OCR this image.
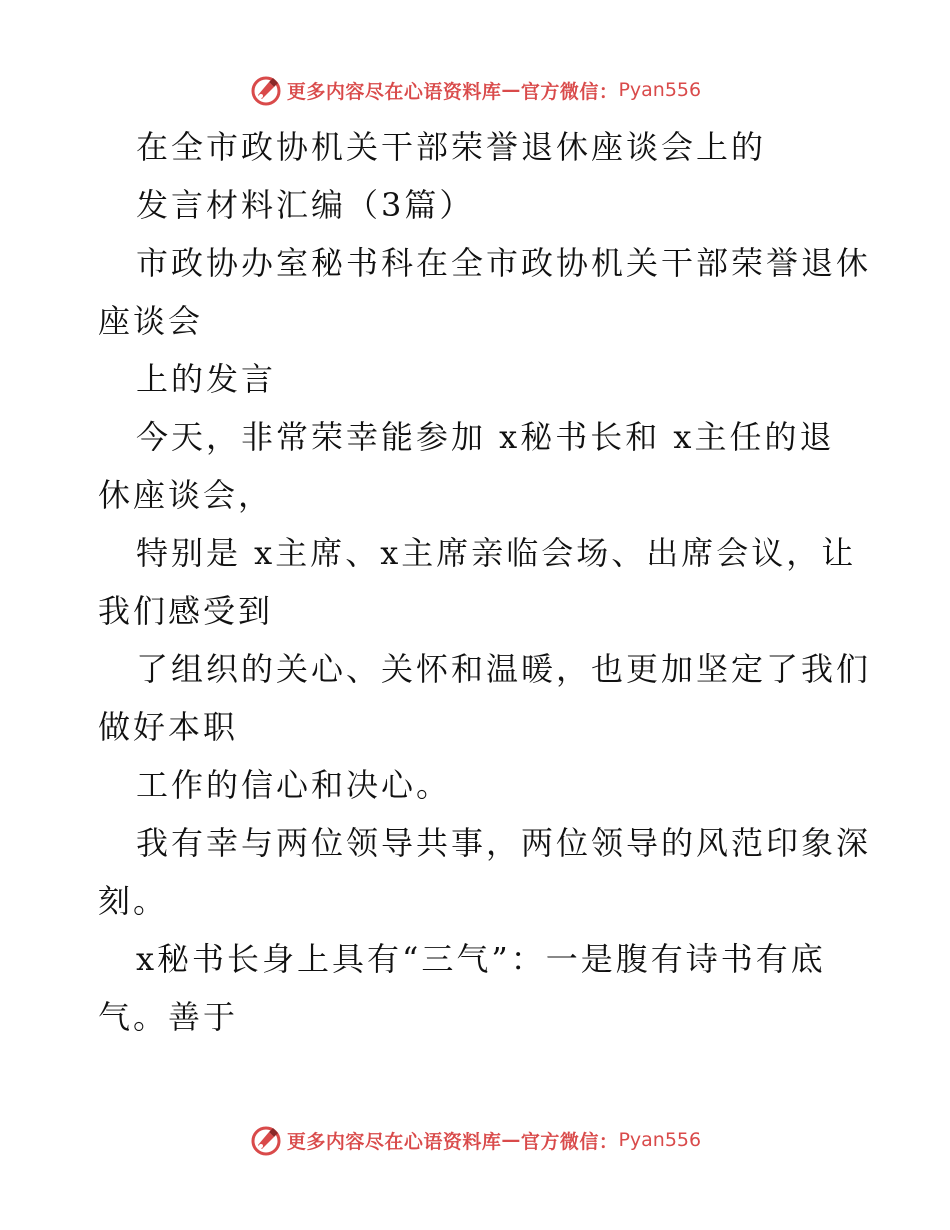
更多内容尽在心语资料库 — 官方微信： Pyan556
在全市政协机关干部荣誉退休座谈会上的
发言材料汇编（3篇）
市政协办室秘书科在全市政协机关干部荣誉退休
座谈会
上的发言
今天，非常荣幸能参加 x秘书长和 x主任的退
休座谈会，
特别是 x主席、x主席亲临会场、出席会议，让
我们感受到
了组织的关心、关怀和温暖，也更加坚定了我们
做好本职
工作的信心和决心。
我有幸与两位领导共事，两位领导的风范印象深
刻。
x秘书长身上具有“三气”：一是腹有诗书有底
气。善于
更多内容尽在心语资料库 — 官方微信： Pyan556
